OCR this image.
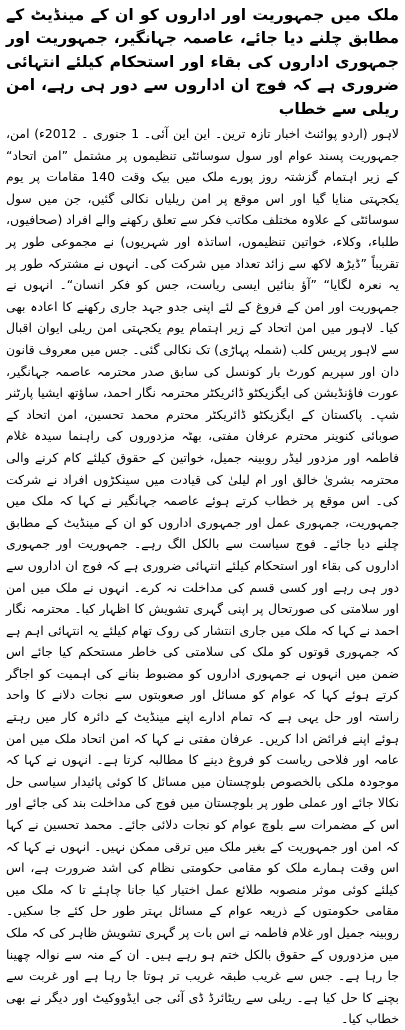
ملک میں جمہوریت اور اداروں کو ان کے مینڈیٹ کے مطابق چلنے دیا جائے، عاصمہ جہانگیر، جمہوریت اور جمہوری اداروں کی بقاء اور استحکام کیلئے انتہائی ضروری ہے کہ فوج ان اداروں سے دور ہی رہے، امن ریلی سے خطاب

لاہور (اردو پوائنٹ اخبار تازہ ترین۔ این این آئی۔ 1 جنوری ۔ 2012ء) امن، جمہوریت پسند عوام اور سول سوسائٹی تنظیموں پر مشتمل ”امن اتحاد“ کے زیر اہتمام گزشتہ روز پورے ملک میں بیک وقت 140 مقامات پر یوم یکجہتی منایا گیا اور اس موقع پر امن ریلیاں نکالی گئیں، جن میں سول سوسائٹی کے علاوہ مختلف مکاتب فکر سے تعلق رکھنے والے افراد (صحافیوں، طلباء، وکلاء، خواتین تنظیموں، اساتذہ اور شہریوں) نے مجموعی طور پر تقریباً ”ڈیڑھ لاکھ سے زائد تعداد میں شرکت کی۔ انہوں نے مشترکہ طور پر یہ نعرہ لگایا“ ”آؤ بنائیں ایسی ریاست، جس کو فکر انسان“۔ انہوں نے جمہوریت اور امن کے فروغ کے لئے اپنی جدو جہد جاری رکھنے کا اعادہ بھی کیا۔ لاہور میں امن اتحاد کے زیر اہتمام یوم یکجہتی امن ریلی ایوان اقبال سے لاہور پریس کلب (شملہ پہاڑی) تک نکالی گئی۔ جس میں معروف قانون دان اور سپریم کورٹ بار کونسل کی سابق صدر محترمہ عاصمہ جہانگیر، عورت فاؤنڈیشن کی ایگزیکٹو ڈائریکٹر محترمہ نگار احمد، ساؤتھ ایشیا پارٹنر شپ۔ پاکستان کے ایگزیکٹو ڈائریکٹر محترم محمد تحسین، امن اتحاد کے صوبائی کنوینر محترم عرفان مفتی، بھٹہ مزدوروں کی راہنما سیدہ غلام فاطمہ اور مزدور لیڈر روبینہ جمیل، خواتین کے حقوق کیلئے کام کرنے والی محترمہ بشریٰ خالق اور ام لیلیٰ کی قیادت میں سینکڑوں افراد نے شرکت کی۔ اس موقع پر خطاب کرتے ہوئے عاصمہ جہانگیر نے کہا کہ ملک میں جمہوریت، جمہوری عمل اور جمہوری اداروں کو ان کے مینڈیٹ کے مطابق چلنے دیا جائے۔ فوج سیاست سے بالکل الگ رہے۔ جمہوریت اور جمہوری اداروں کی بقاء اور استحکام کیلئے انتہائی ضروری ہے کہ فوج ان اداروں سے دور ہی رہے اور کسی قسم کی مداخلت نہ کرے۔ انہوں نے ملک میں امن اور سلامتی کی صورتحال پر اپنی گہری تشویش کا اظہار کیا۔ محترمہ نگار احمد نے کہا کہ ملک میں جاری انتشار کی روک تھام کیلئے یہ انتہائی اہم ہے کہ جمہوری قوتوں کو ملک کی سلامتی کی خاطر مستحکم کیا جائے اس ضمن میں انہوں نے جمہوری اداروں کو مضبوط بنانے کی اہمیت کو اجاگر کرتے ہوئے کہا کہ عوام کو مسائل اور صعوبتوں سے نجات دلانے کا واحد راستہ اور حل یہی ہے کہ تمام ادارے اپنے مینڈیٹ کے دائرہ کار میں رہتے ہوئے اپنے فرائض ادا کریں۔ عرفان مفتی نے کہا کہ امن اتحاد ملک میں امن عامہ اور فلاحی ریاست کو فروغ دینے کا مطالبہ کرتا ہے۔ انہوں نے کہا کہ موجودہ ملکی بالخصوص بلوچستان میں مسائل کا کوئی پائیدار سیاسی حل نکالا جائے اور عملی طور پر بلوچستان میں فوج کی مداخلت بند کی جائے اور اس کے مضمرات سے بلوچ عوام کو نجات دلائی جائے۔ محمد تحسین نے کہا کہ امن اور جمہوریت کے بغیر ملک میں ترقی ممکن نہیں۔ انہوں نے کہا کہ اس وقت ہمارے ملک کو مقامی حکومتی نظام کی اشد ضرورت ہے، اس کیلئے کوئی موثر منصوبہ طلائع عمل اختیار کیا جانا چاہئے تا کہ ملک میں مقامی حکومتوں کے ذریعہ عوام کے مسائل بہتر طور حل کئے جا سکیں۔ روبینہ جمیل اور غلام فاطمہ نے اس بات پر گہری تشویش ظاہر کی کہ ملک میں مزدوروں کے حقوق بالکل ختم ہو رہے ہیں۔ ان کے منہ سے نوالہ چھینا جا رہا ہے۔ جس سے غریب طبقہ غریب تر ہوتا جا رہا ہے اور غربت سے بچنے کا حل کیا ہے۔ ریلی سے ریٹائرڈ ڈی آئی جی ایڈووکیٹ اور دیگر نے بھی خطاب کیا۔
